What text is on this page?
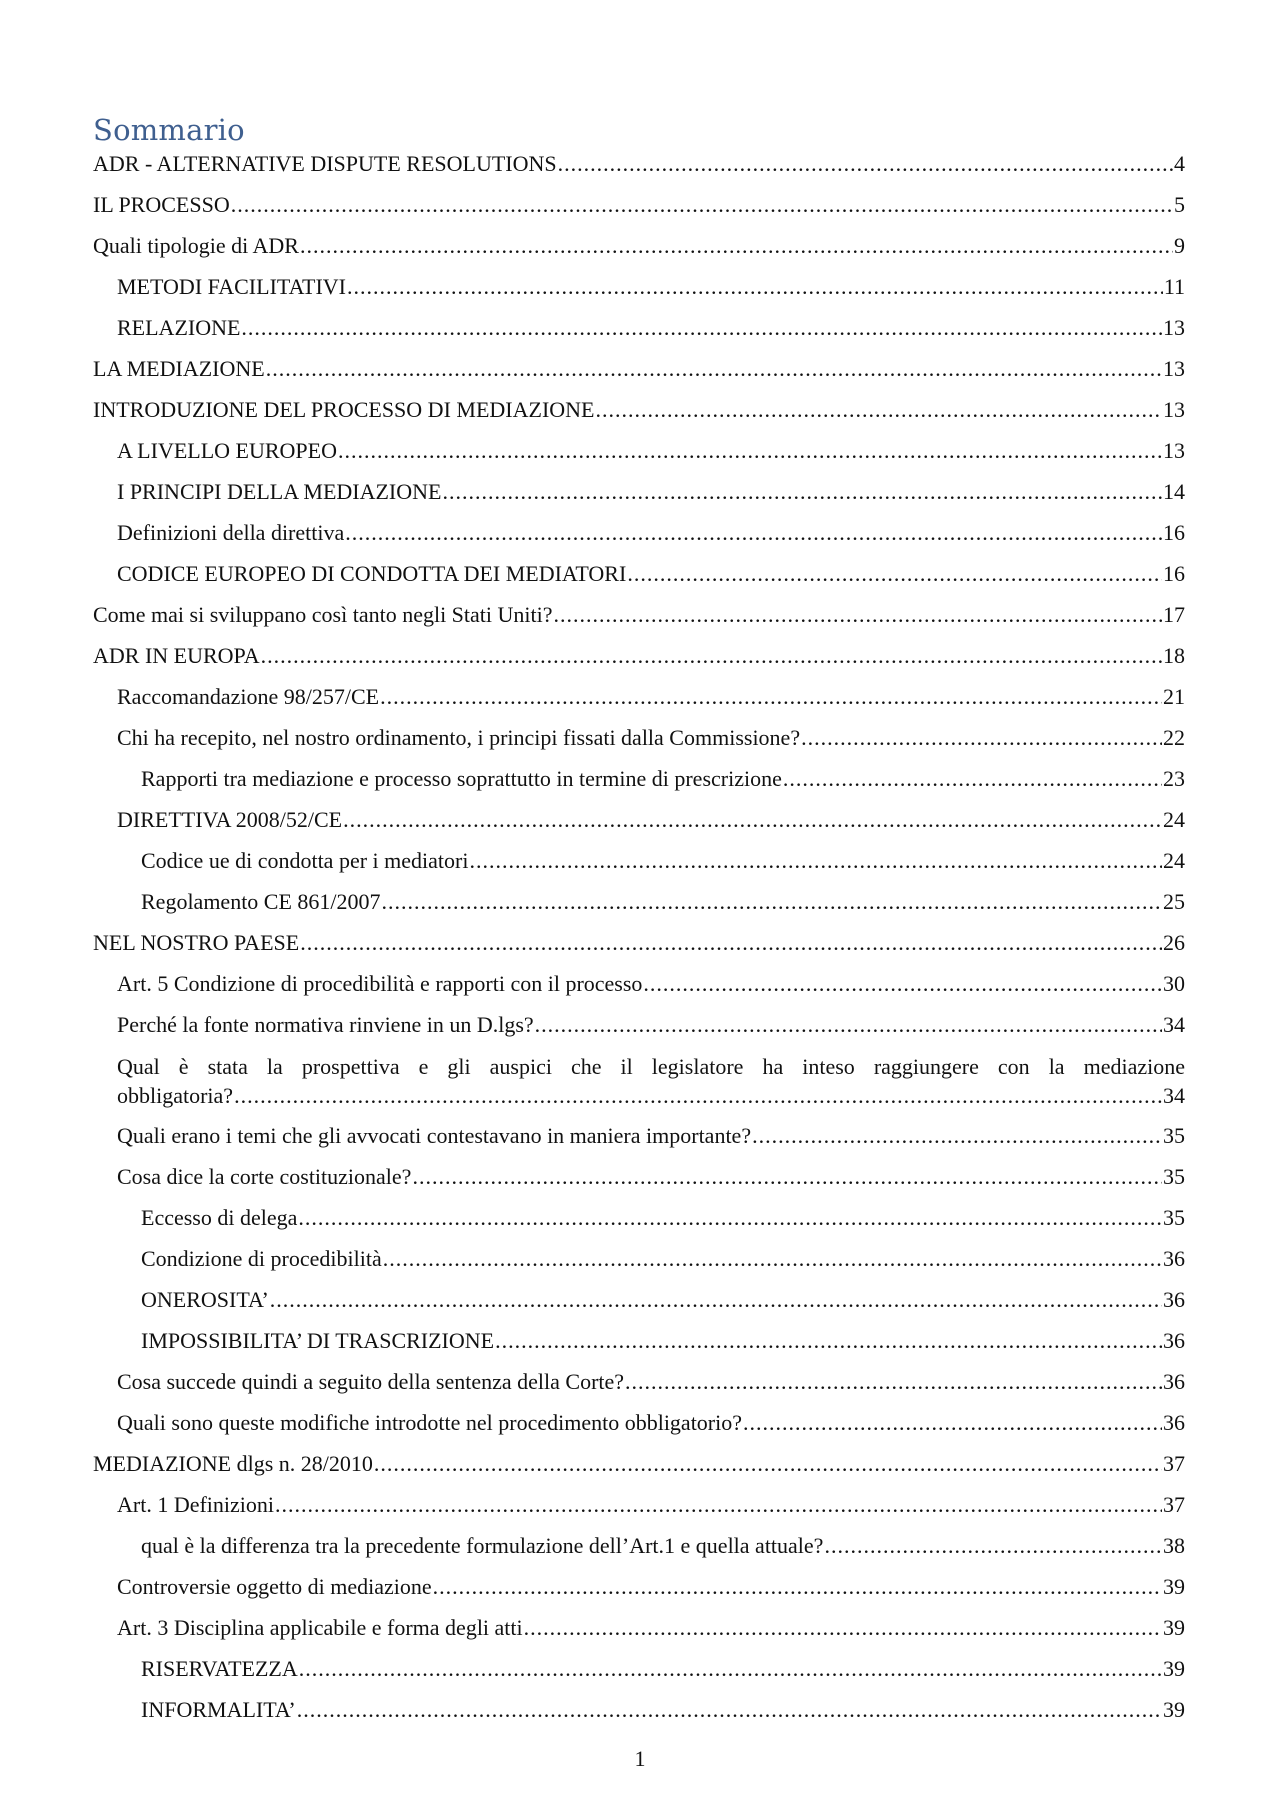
Sommario
ADR - ALTERNATIVE DISPUTE RESOLUTIONS .....	4
IL PROCESSO .....	5
Quali tipologie di ADR .....	9
METODI FACILITATIVI .....	11
RELAZIONE .....	13
LA MEDIAZIONE .....	13
INTRODUZIONE DEL PROCESSO DI MEDIAZIONE .....	13
A LIVELLO EUROPEO .....	13
I PRINCIPI DELLA MEDIAZIONE .....	14
Definizioni della direttiva .....	16
CODICE EUROPEO DI CONDOTTA DEI MEDIATORI .....	16
Come mai si sviluppano così tanto negli Stati Uniti? .....	17
ADR IN EUROPA .....	18
Raccomandazione 98/257/CE .....	21
Chi ha recepito, nel nostro ordinamento, i principi fissati dalla Commissione? .....	22
Rapporti tra mediazione e processo soprattutto in termine di prescrizione .....	23
DIRETTIVA 2008/52/CE .....	24
Codice ue di condotta per i mediatori .....	24
Regolamento CE 861/2007 .....	25
NEL NOSTRO PAESE .....	26
Art. 5 Condizione di procedibilità e rapporti con il processo .....	30
Perché la fonte normativa rinviene in un D.lgs? .....	34
Qual è stata la prospettiva e gli auspici che il legislatore ha inteso raggiungere con la mediazione
obbligatoria? .....	34
Quali erano i temi che gli avvocati contestavano in maniera importante? .....	35
Cosa dice la corte costituzionale? .....	35
Eccesso di delega .....	35
Condizione di procedibilità .....	36
ONEROSITA’ .....	36
IMPOSSIBILITA’ DI TRASCRIZIONE .....	36
Cosa succede quindi a seguito della sentenza della Corte? .....	36
Quali sono queste modifiche introdotte nel procedimento obbligatorio? .....	36
MEDIAZIONE dlgs n. 28/2010 .....	37
Art. 1 Definizioni .....	37
qual è la differenza tra la precedente formulazione dell’Art.1 e quella attuale? .....	38
Controversie oggetto di mediazione .....	39
Art. 3 Disciplina applicabile e forma degli atti .....	39
RISERVATEZZA .....	39
INFORMALITA’ .....	39
1
